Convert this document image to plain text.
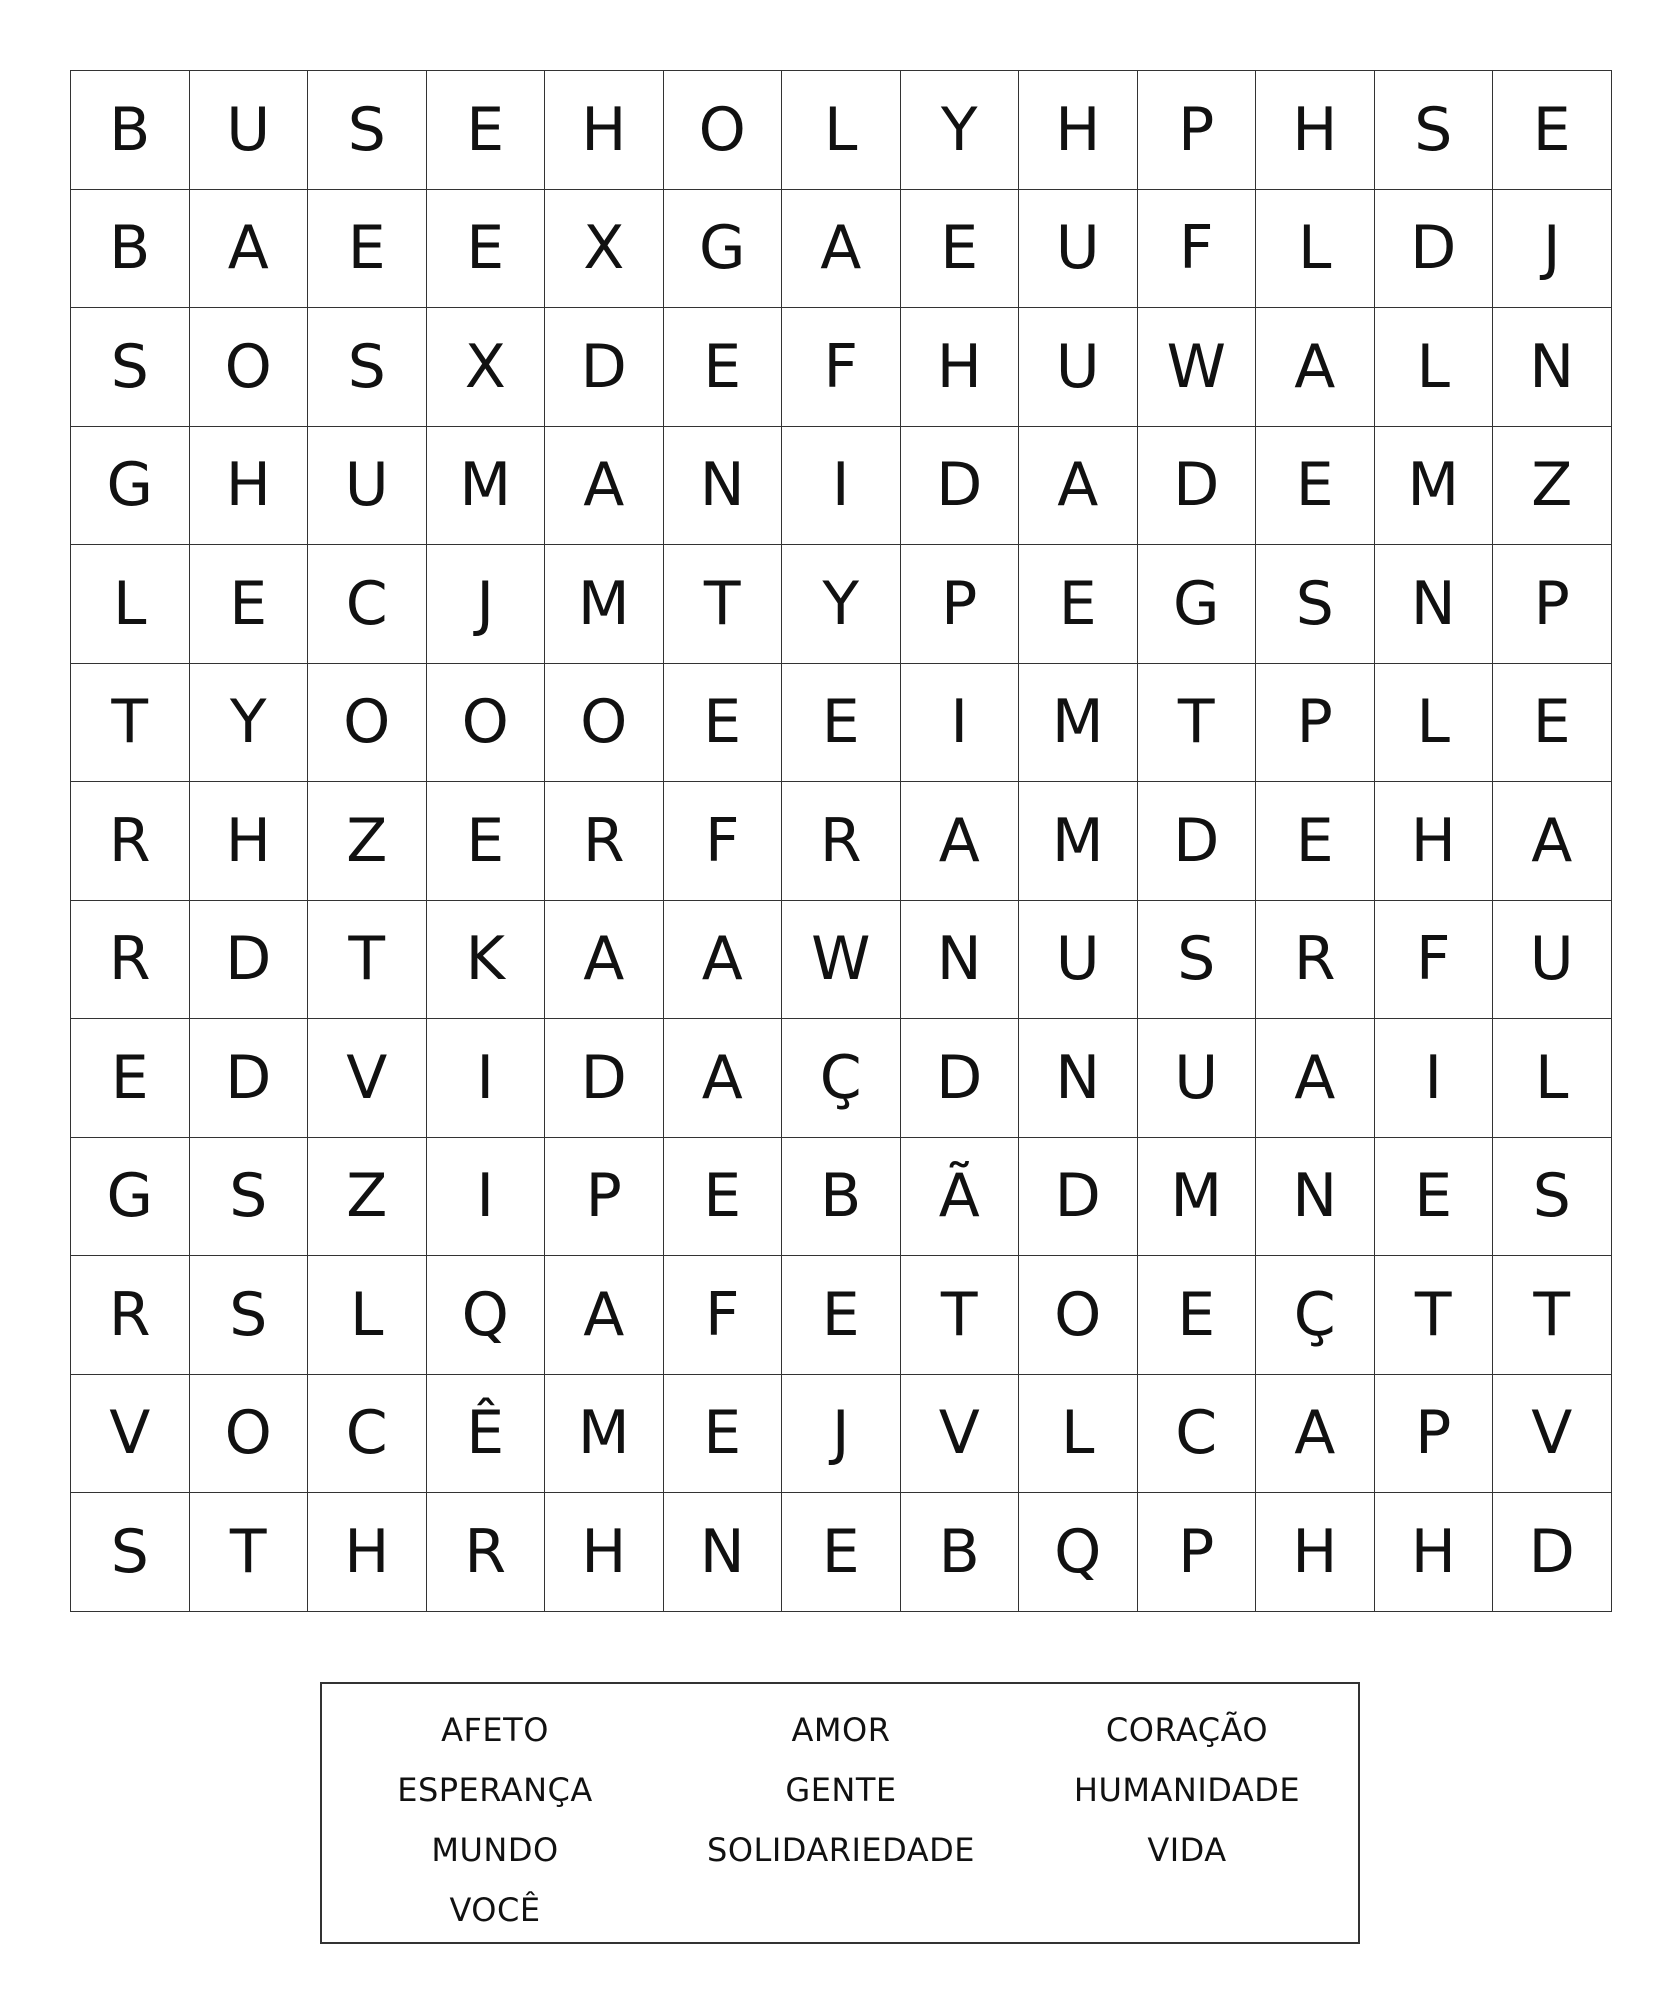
B	U	S	E	H	O	L	Y	H	P	H	S	E
B	A	E	E	X	G	A	E	U	F	L	D	J
S	O	S	X	D	E	F	H	U	W	A	L	N
G	H	U	M	A	N	I	D	A	D	E	M	Z
L	E	C	J	M	T	Y	P	E	G	S	N	P
T	Y	O	O	O	E	E	I	M	T	P	L	E
R	H	Z	E	R	F	R	A	M	D	E	H	A
R	D	T	K	A	A	W	N	U	S	R	F	U
E	D	V	I	D	A	Ç	D	N	U	A	I	L
G	S	Z	I	P	E	B	Ã	D	M	N	E	S
R	S	L	Q	A	F	E	T	O	E	Ç	T	T
V	O	C	Ê	M	E	J	V	L	C	A	P	V
S	T	H	R	H	N	E	B	Q	P	H	H	D
AFETO	AMOR	CORAÇÃO
ESPERANÇA	GENTE	HUMANIDADE
MUNDO	SOLIDARIEDADE	VIDA
VOCÊ
